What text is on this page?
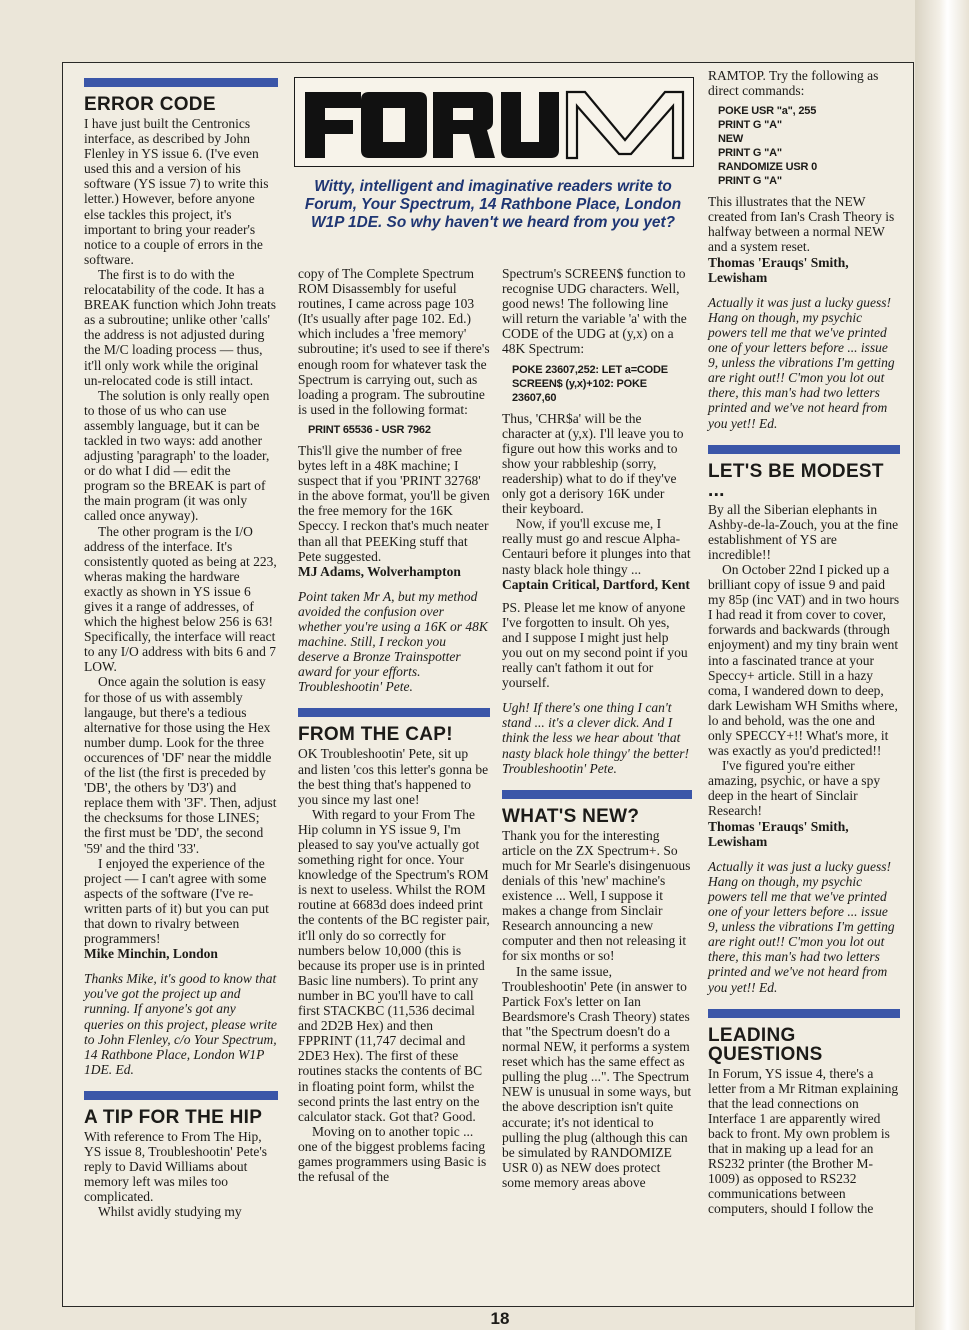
Witty, intelligent and imaginative readers write to Forum, Your Spectrum, 14 Rathbone Place, London W1P 1DE. So why haven't we heard from you yet?
ERROR CODE

I have just built the Centronics interface, as described by John Flenley in YS issue 6. (I've even used this and a version of his software (YS issue 7) to write this letter.) However, before anyone else tackles this project, it's important to bring your reader's notice to a couple of errors in the software.

The first is to do with the relocatability of the code. It has a BREAK function which John treats as a subroutine; unlike other 'calls' the address is not adjusted during the M/C loading process — thus, it'll only work while the original un-relocated code is still intact.

The solution is only really open to those of us who can use assembly language, but it can be tackled in two ways: add another adjusting 'paragraph' to the loader, or do what I did — edit the program so the BREAK is part of the main program (it was only called once anyway).

The other program is the I/O address of the interface. It's consistently quoted as being at 223, wheras making the hardware exactly as shown in YS issue 6 gives it a range of addresses, of which the highest below 256 is 63! Specifically, the interface will react to any I/O address with bits 6 and 7 LOW.

Once again the solution is easy for those of us with assembly langauge, but there's a tedious alternative for those using the Hex number dump. Look for the three occurences of 'DF' near the middle of the list (the first is preceded by 'DB', the others by 'D3') and replace them with '3F'. Then, adjust the checksums for those LINES; the first must be 'DD', the second '59' and the third '33'.

I enjoyed the experience of the project — I can't agree with some aspects of the software (I've re-written parts of it) but you can put that down to rivalry between programmers!

Mike Minchin, London

Thanks Mike, it's good to know that you've got the project up and running. If anyone's got any queries on this project, please write to John Flenley, c/o Your Spectrum, 14 Rathbone Place, London W1P 1DE. Ed.

A TIP FOR THE HIP

With reference to From The Hip, YS issue 8, Troubleshootin' Pete's reply to David Williams about memory left was miles too complicated.

Whilst avidly studying my

copy of The Complete Spectrum ROM Disassembly for useful routines, I came across page 103 (It's usually after page 102. Ed.) which includes a 'free memory' subroutine; it's used to see if there's enough room for whatever task the Spectrum is carrying out, such as loading a program. The subroutine is used in the following format:

PRINT 65536 - USR 7962

This'll give the number of free bytes left in a 48K machine; I suspect that if you 'PRINT 32768' in the above format, you'll be given the free memory for the 16K Speccy. I reckon that's much neater than all that PEEKing stuff that Pete suggested.

MJ Adams, Wolverhampton

Point taken Mr A, but my method avoided the confusion over whether you're using a 16K or 48K machine. Still, I reckon you deserve a Bronze Trainspotter award for your efforts. Troubleshootin' Pete.

FROM THE CAP!

OK Troubleshootin' Pete, sit up and listen 'cos this letter's gonna be the best thing that's happened to you since my last one!

With regard to your From The Hip column in YS issue 9, I'm pleased to say you've actually got something right for once. Your knowledge of the Spectrum's ROM is next to useless. Whilst the ROM routine at 6683d does indeed print the contents of the BC register pair, it'll only do so correctly for numbers below 10,000 (this is because its proper use is in printed Basic line numbers). To print any number in BC you'll have to call first STACKBC (11,536 decimal and 2D2B Hex) and then FPPRINT (11,747 decimal and 2DE3 Hex). The first of these routines stacks the contents of BC in floating point form, whilst the second prints the last entry on the calculator stack. Got that? Good.

Moving on to another topic ... one of the biggest problems facing games programmers using Basic is the refusal of the

Spectrum's SCREEN$ function to recognise UDG characters. Well, good news! The following line will return the variable 'a' with the CODE of the UDG at (y,x) on a 48K Spectrum:

POKE 23607,252: LET a=CODE

SCREEN$ (y,x)+102: POKE 23607,60

Thus, 'CHR$a' will be the character at (y,x). I'll leave you to figure out how this works and to show your rabbleship (sorry, readership) what to do if they've only got a derisory 16K under their keyboard.

Now, if you'll excuse me, I really must go and rescue Alpha-Centauri before it plunges into that nasty black hole thingy ...

Captain Critical, Dartford, Kent

PS. Please let me know of anyone I've forgotten to insult. Oh yes, and I suppose I might just help you out on my second point if you really can't fathom it out for yourself.

Ugh! If there's one thing I can't stand ... it's a clever dick. And I think the less we hear about 'that nasty black hole thingy' the better! Troubleshootin' Pete.

WHAT'S NEW?

Thank you for the interesting article on the ZX Spectrum+. So much for Mr Searle's disingenuous denials of this 'new' machine's existence ... Well, I suppose it makes a change from Sinclair Research announcing a new computer and then not releasing it for six months or so!

In the same issue, Troubleshootin' Pete (in answer to Partick Fox's letter on Ian Beardsmore's Crash Theory) states that "the Spectrum doesn't do a normal NEW, it performs a system reset which has the same effect as pulling the plug ...". The Spectrum NEW is unusual in some ways, but the above description isn't quite accurate; it's not identical to pulling the plug (although this can be simulated by RANDOMIZE USR 0) as NEW does protect some memory areas above

RAMTOP. Try the following as direct commands:

POKE USR "a", 255

PRINT G "A"

NEW

PRINT G "A"

RANDOMIZE USR 0

PRINT G "A"

This illustrates that the NEW created from Ian's Crash Theory is halfway between a normal NEW and a system reset.

Thomas 'Erauqs' Smith, Lewisham

Actually it was just a lucky guess! Hang on though, my psychic powers tell me that we've printed one of your letters before ... issue 9, unless the vibrations I'm getting are right out!! C'mon you lot out there, this man's had two letters printed and we've not heard from you yet!! Ed.

LET'S BE MODEST ...

By all the Siberian elephants in Ashby-de-la-Zouch, you at the fine establishment of YS are incredible!!

On October 22nd I picked up a brilliant copy of issue 9 and paid my 85p (inc VAT) and in two hours I had read it from cover to cover, forwards and backwards (through enjoyment) and my tiny brain went into a fascinated trance at your Speccy+ article. Still in a hazy coma, I wandered down to deep, dark Lewisham WH Smiths where, lo and behold, was the one and only SPECCY+!! What's more, it was exactly as you'd predicted!!

I've figured you're either amazing, psychic, or have a spy deep in the heart of Sinclair Research!

Thomas 'Erauqs' Smith, Lewisham

Actually it was just a lucky guess! Hang on though, my psychic powers tell me that we've printed one of your letters before ... issue 9, unless the vibrations I'm getting are right out!! C'mon you lot out there, this man's had two letters printed and we've not heard from you yet!! Ed.

LEADING QUESTIONS

In Forum, YS issue 4, there's a letter from a Mr Ritman explaining that the lead connections on Interface 1 are apparently wired back to front. My own problem is that in making up a lead for an RS232 printer (the Brother M-1009) as opposed to RS232 communications between computers, should I follow the

18
